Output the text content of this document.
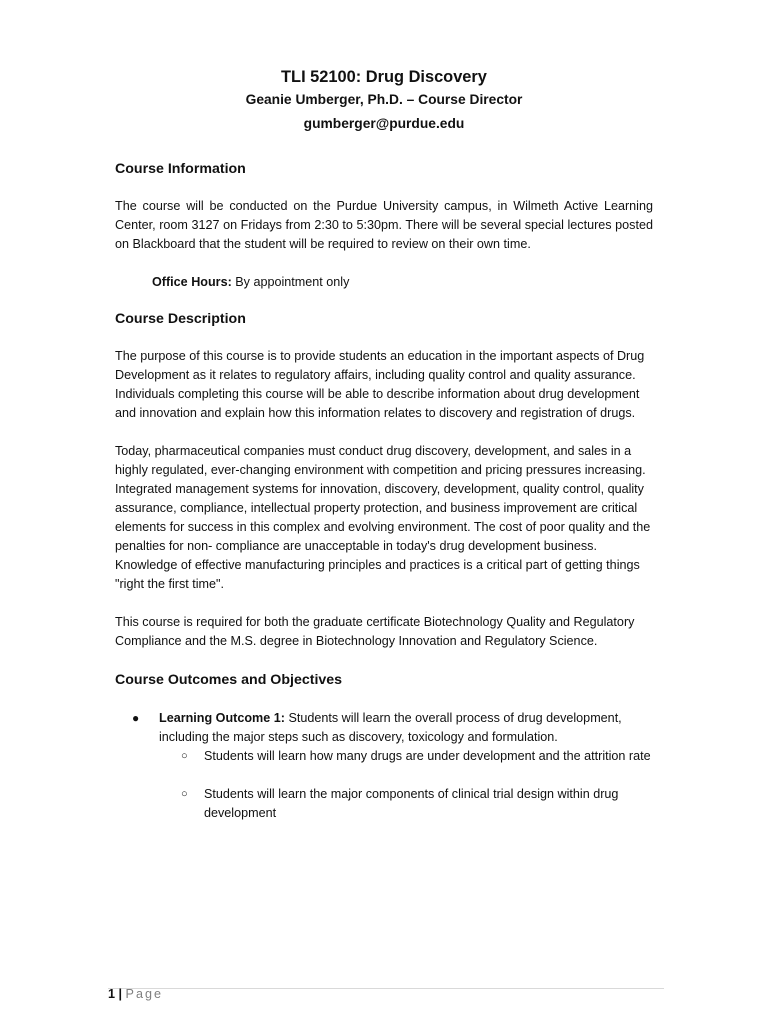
TLI 52100: Drug Discovery
Geanie Umberger, Ph.D. – Course Director
gumberger@purdue.edu
Course Information

The course will be conducted on the Purdue University campus, in Wilmeth Active Learning Center, room 3127 on Fridays from 2:30 to 5:30pm. There will be several special lectures posted on Blackboard that the student will be required to review on their own time.

Office Hours: By appointment only

Course Description

The purpose of this course is to provide students an education in the important aspects of Drug Development as it relates to regulatory affairs, including quality control and quality assurance. Individuals completing this course will be able to describe information about drug development and innovation and explain how this information relates to discovery and registration of drugs.

Today, pharmaceutical companies must conduct drug discovery, development, and sales in a highly regulated, ever-changing environment with competition and pricing pressures increasing. Integrated management systems for innovation, discovery, development, quality control, quality assurance, compliance, intellectual property protection, and business improvement are critical elements for success in this complex and evolving environment. The cost of poor quality and the penalties for non- compliance are unacceptable in today's drug development business. Knowledge of effective manufacturing principles and practices is a critical part of getting things "right the first time".

This course is required for both the graduate certificate Biotechnology Quality and Regulatory Compliance and the M.S. degree in Biotechnology Innovation and Regulatory Science.

Course Outcomes and Objectives
● Learning Outcome 1: Students will learn the overall process of drug development, including the major steps such as discovery, toxicology and formulation.
○ Students will learn how many drugs are under development and the attrition rate
○ Students will learn the major components of clinical trial design within drug development
1 | Page
